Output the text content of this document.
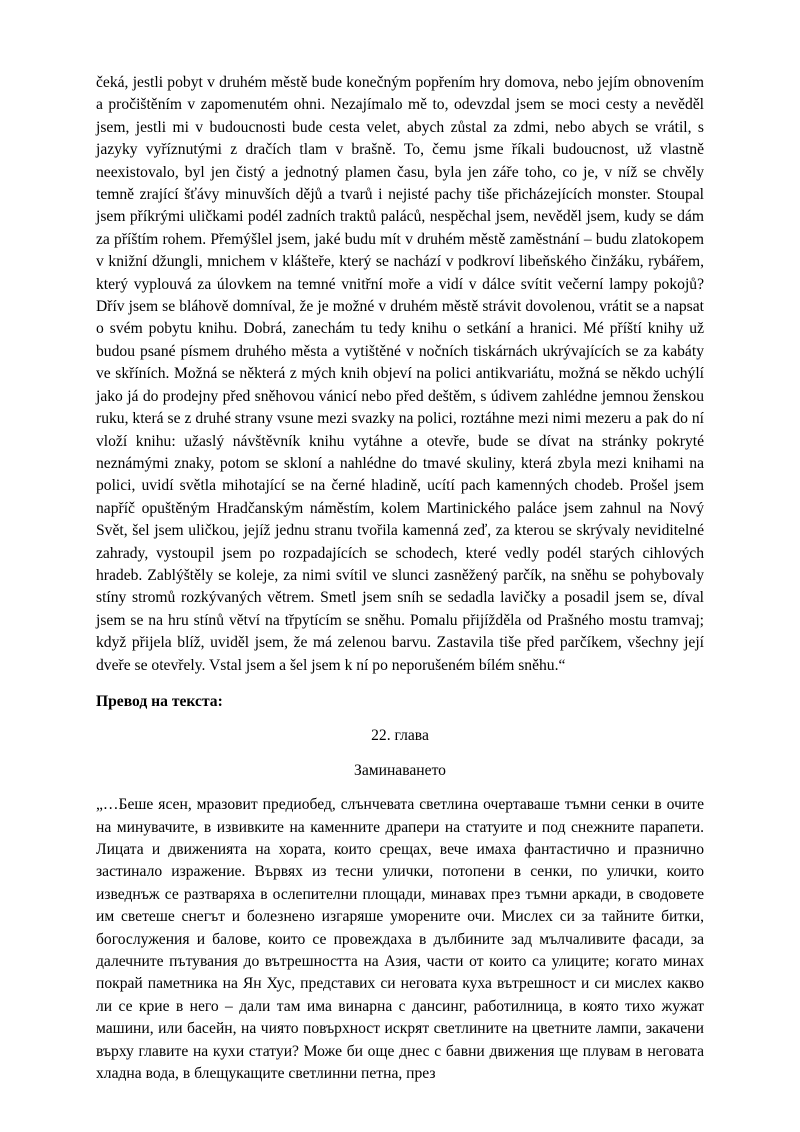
čeká, jestli pobyt v druhém městě bude konečným popřením hry domova, nebo jejím obnovením a pročištěním v zapomenutém ohni. Nezajímalo mě to, odevzdal jsem se moci cesty a nevěděl jsem, jestli mi v budoucnosti bude cesta velet, abych zůstal za zdmi, nebo abych se vrátil, s jazyky vyříznutými z dračích tlam v brašně. To, čemu jsme říkali budoucnost, už vlastně neexistovalo, byl jen čistý a jednotný plamen času, byla jen záře toho, co je, v níž se chvěly temně zrající šťávy minuvších dějů a tvarů i nejisté pachy tiše přicházejících monster. Stoupal jsem příkrými uličkami podél zadních traktů paláců, nespěchal jsem, nevěděl jsem, kudy se dám za příštím rohem. Přemýšlel jsem, jaké budu mít v druhém městě zaměstnání – budu zlatokopem v knižní džungli, mnichem v klášteře, který se nachází v podkroví libeňského činžáku, rybářem, který vyplouvá za úlovkem na temné vnitřní moře a vidí v dálce svítit večerní lampy pokojů? Dřív jsem se bláhově domníval, že je možné v druhém městě strávit dovolenou, vrátit se a napsat o svém pobytu knihu. Dobrá, zanechám tu tedy knihu o setkání a hranici. Mé příští knihy už budou psané písmem druhého města a vytištěné v nočních tiskárnách ukrývajících se za kabáty ve skříních. Možná se některá z mých knih objeví na polici antikvariátu, možná se někdo uchýlí jako já do prodejny před sněhovou vánicí nebo před deštěm, s údivem zahlédne jemnou ženskou ruku, která se z druhé strany vsune mezi svazky na polici, roztáhne mezi nimi mezeru a pak do ní vloží knihu: užaslý návštěvník knihu vytáhne a otevře, bude se dívat na stránky pokryté neznámými znaky, potom se skloní a nahlédne do tmavé skuliny, která zbyla mezi knihami na polici, uvidí světla mihotající se na černé hladině, ucítí pach kamenných chodeb. Prošel jsem napříč opuštěným Hradčanským náměstím, kolem Martinického paláce jsem zahnul na Nový Svět, šel jsem uličkou, jejíž jednu stranu tvořila kamenná zeď, za kterou se skrývaly neviditelné zahrady, vystoupil jsem po rozpadajících se schodech, které vedly podél starých cihlových hradeb. Zablýštěly se koleje, za nimi svítil ve slunci zasněžený parčík, na sněhu se pohybovaly stíny stromů rozkývaných větrem. Smetl jsem sníh se sedadla lavičky a posadil jsem se, díval jsem se na hru stínů větví na třpytícím se sněhu. Pomalu přijížděla od Prašného mostu tramvaj; když přijela blíž, uviděl jsem, že má zelenou barvu. Zastavila tiše před parčíkem, všechny její dveře se otevřely. Vstal jsem a šel jsem k ní po neporušeném bílém sněhu.“

Превод на текста:

22. глава

Заминаването

„…Беше ясен, мразовит предиобед, слънчевата светлина очертаваше тъмни сенки в очите на минувачите, в извивките на каменните драпери на статуите и под снежните парапети. Лицата и движенията на хората, които срещах, вече имаха фантастично и празнично застинало изражение. Вървях из тесни улички, потопени в сенки, по улички, които изведнъж се разтваряха в ослепителни площади, минавах през тъмни аркади, в сводовете им светеше снегът и болезнено изгаряше уморените очи. Мислех си за тайните битки, богослужения и балове, които се провеждаха в дълбините зад мълчаливите фасади, за далечните пътувания до вътрешността на Азия, части от които са улиците; когато минах покрай паметника на Ян Хус, представих си неговата куха вътрешност и си мислех какво ли се крие в него – дали там има винарна с дансинг, работилница, в която тихо жужат машини, или басейн, на чиято повърхност искрят светлините на цветните лампи, закачени върху главите на кухи статуи? Може би още днес с бавни движения ще плувам в неговата хладна вода, в блещукащите светлинни петна, през
